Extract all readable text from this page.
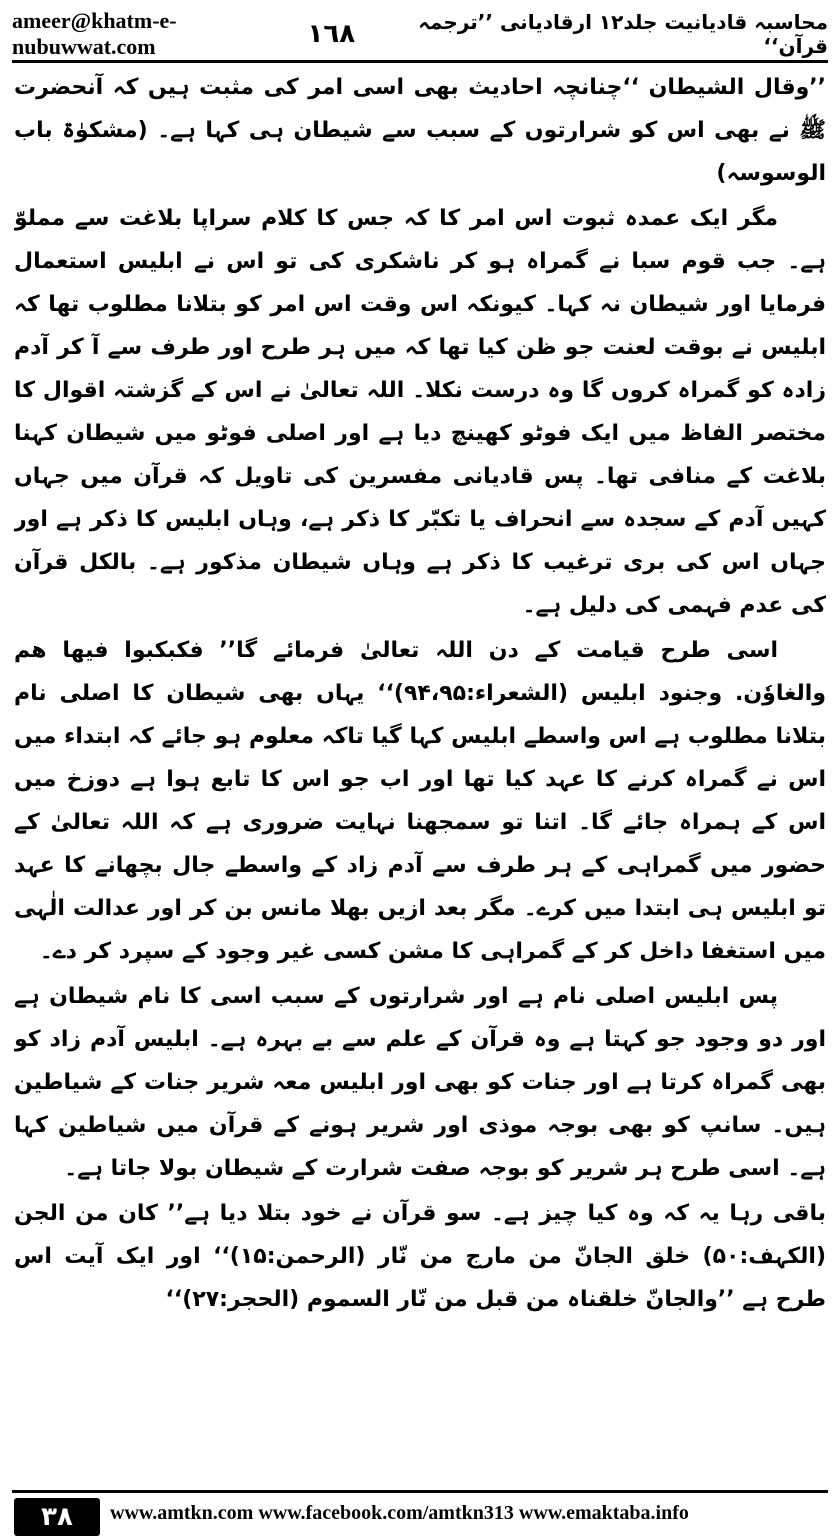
ameer@khatm-e-nubuwwat.com
محاسبہ قادیانیت جلد۱۲ ارقادیانی ’’ترجمہ قرآن‘‘
١٦٨

’’وقال الشیطان ‘‘چنانچہ احادیث بھی اسی امر کی مثبت ہیں کہ آنحضرت ﷺ نے بھی اس کو شرارتوں کے سبب سے شیطان ہی کہا ہے۔ (مشکوٰۃ باب الوسوسہ)

مگر ایک عمدہ ثبوت اس امر کا کہ جس کا کلام سراپا بلاغت سے مملوّ ہے۔ جب قوم سبا نے گمراہ ہو کر ناشکری کی تو اس نے ابلیس استعمال فرمایا اور شیطان نہ کہا۔ کیونکہ اس وقت اس امر کو بتلانا مطلوب تھا کہ ابلیس نے بوقت لعنت جو ظن کیا تھا کہ میں ہر طرح اور طرف سے آ کر آدم زادہ کو گمراہ کروں گا وہ درست نکلا۔ اللہ تعالیٰ نے اس کے گزشتہ اقوال کا مختصر الفاظ میں ایک فوٹو کھینچ دیا ہے اور اصلی فوٹو میں شیطان کہنا بلاغت کے منافی تھا۔ پس قادیانی مفسرین کی تاویل کہ قرآن میں جہاں کہیں آدم کے سجدہ سے انحراف یا تکبّر کا ذکر ہے، وہاں ابلیس کا ذکر ہے اور جہاں اس کی بری ترغیب کا ذکر ہے وہاں شیطان مذکور ہے۔ بالکل قرآن کی عدم فہمی کی دلیل ہے۔

اسی طرح قیامت کے دن اللہ تعالیٰ فرمائے گا’’ فکبکبوا فیھا ھم والغاوٗن. وجنود ابلیس (الشعراء:۹۴،۹۵)‘‘ یہاں بھی شیطان کا اصلی نام بتلانا مطلوب ہے اس واسطے ابلیس کہا گیا تاکہ معلوم ہو جائے کہ ابتداء میں اس نے گمراہ کرنے کا عہد کیا تھا اور اب جو اس کا تابع ہوا ہے دوزخ میں اس کے ہمراہ جائے گا۔ اتنا تو سمجھنا نہایت ضروری ہے کہ اللہ تعالیٰ کے حضور میں گمراہی کے ہر طرف سے آدم زاد کے واسطے جال بچھانے کا عہد تو ابلیس ہی ابتدا میں کرے۔ مگر بعد ازیں بھلا مانس بن کر اور عدالت الٰہی میں استغفا داخل کر کے گمراہی کا مشن کسی غیر وجود کے سپرد کر دے۔

پس ابلیس اصلی نام ہے اور شرارتوں کے سبب اسی کا نام شیطان ہے اور دو وجود جو کہتا ہے وہ قرآن کے علم سے بے بہرہ ہے۔ ابلیس آدم زاد کو بھی گمراہ کرتا ہے اور جنات کو بھی اور ابلیس معہ شریر جنات کے شیاطین ہیں۔ سانپ کو بھی بوجہ موذی اور شریر ہونے کے قرآن میں شیاطین کہا ہے۔ اسی طرح ہر شریر کو بوجہ صفت شرارت کے شیطان بولا جاتا ہے۔

باقی رہا یہ کہ وہ کیا چیز ہے۔ سو قرآن نے خود بتلا دیا ہے’’ کان من الجن (الکہف:۵۰) خلق الجانّ من مارج من نّار (الرحمن:۱۵)‘‘ اور ایک آیت اس طرح ہے ’’والجانّ خلقناہ من قبل من نّار السموم (الحجر:۲۷)‘‘

۳۸	www.amtkn.com www.facebook.com/amtkn313 www.emaktaba.info
